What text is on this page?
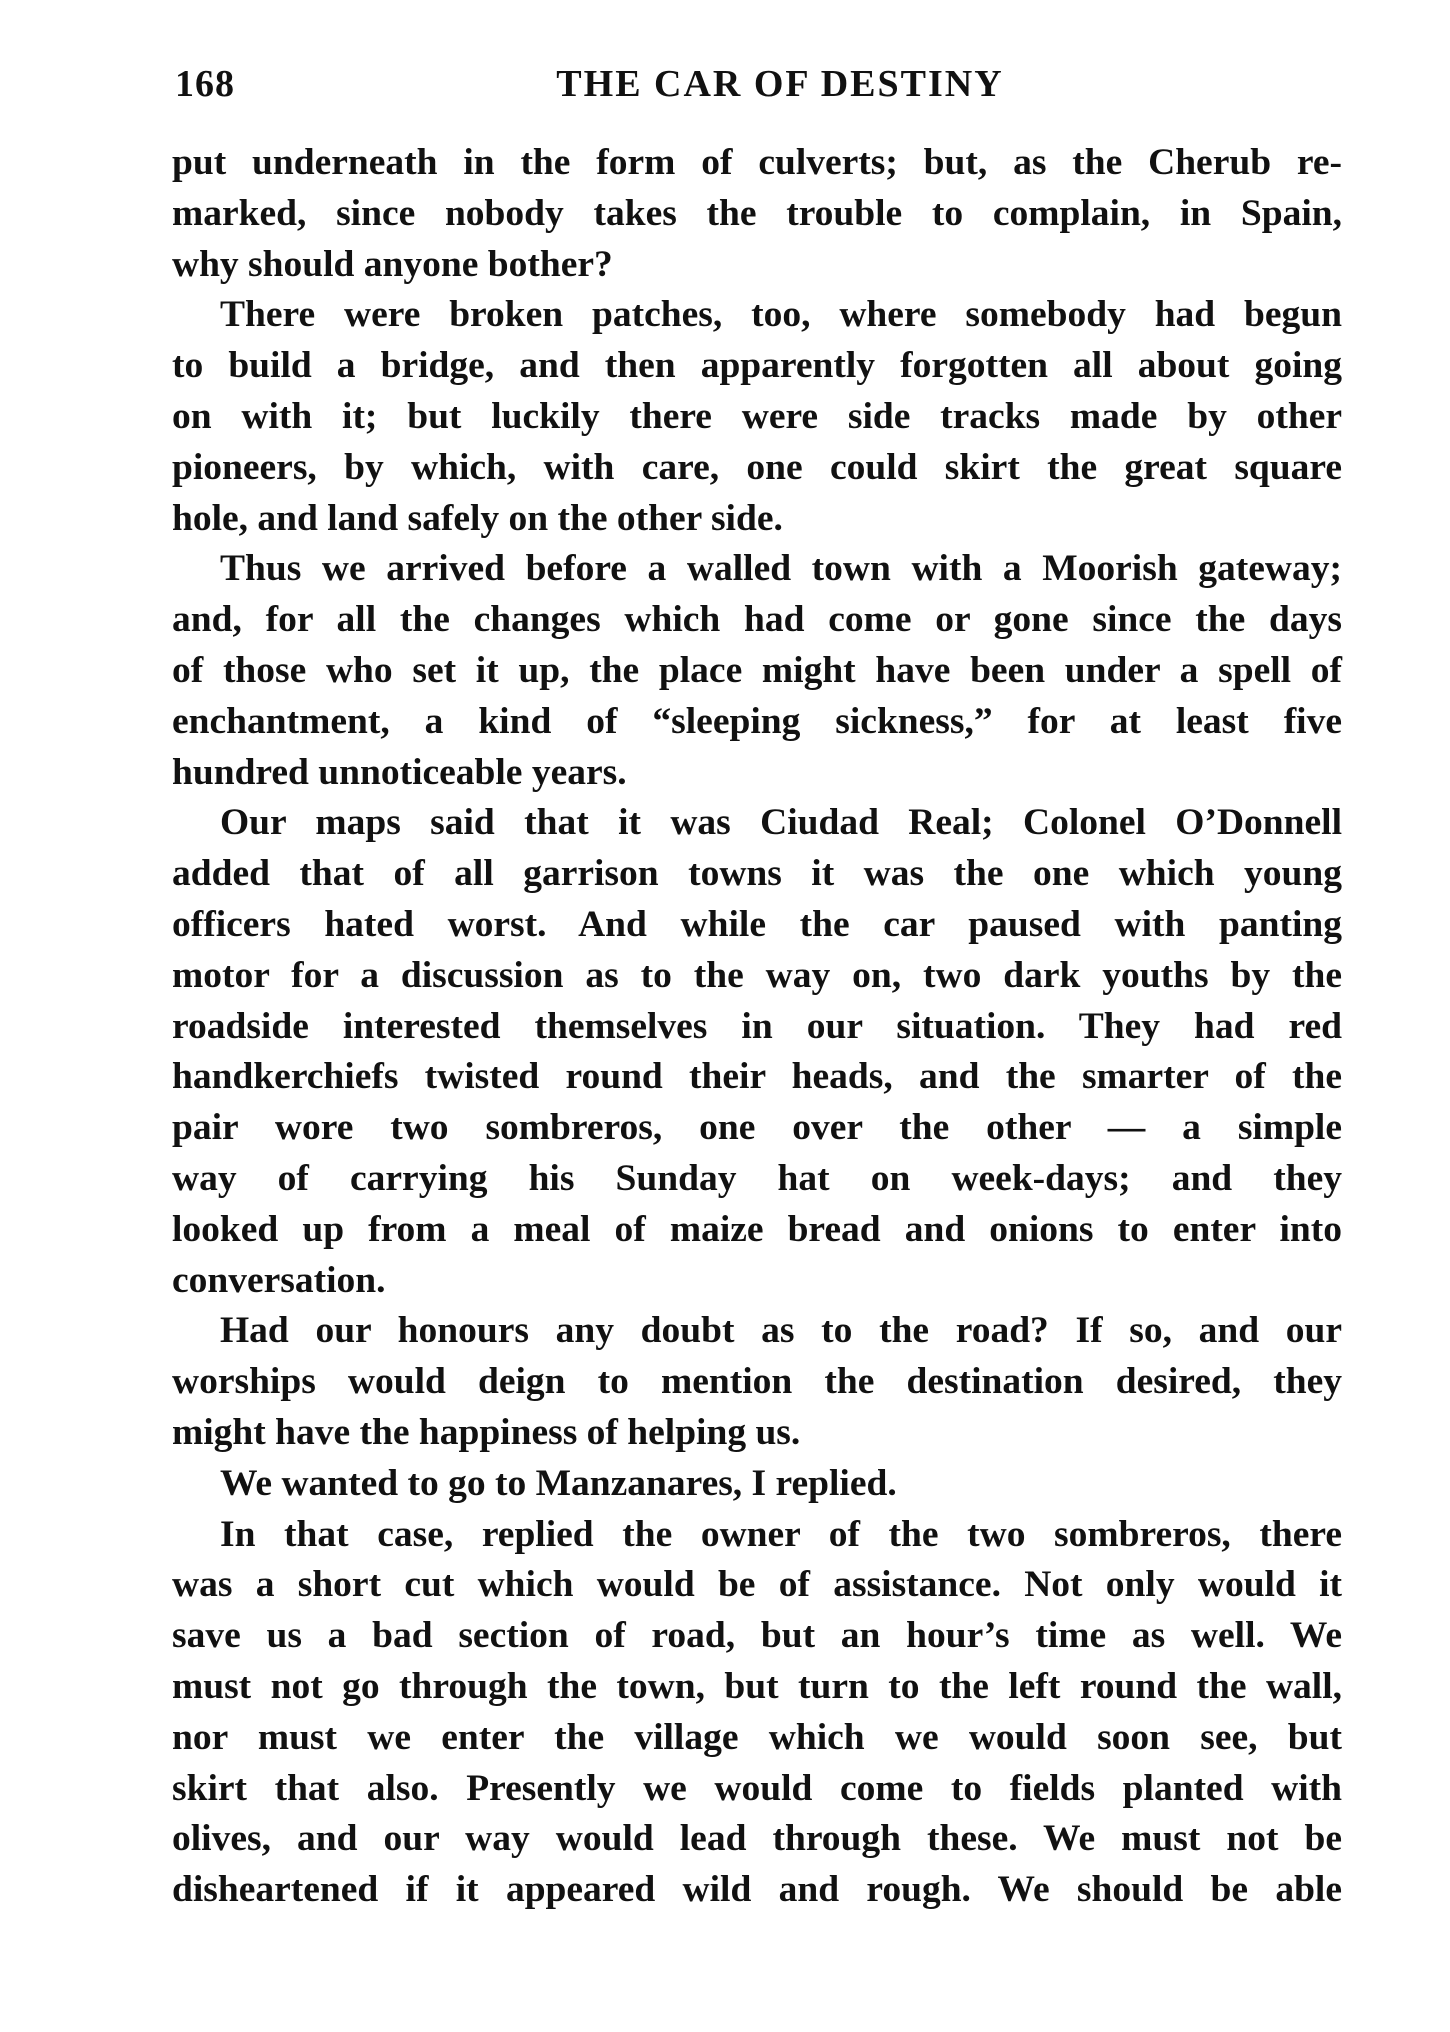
168	THE CAR OF DESTINY

put underneath in the form of culverts; but, as the Cherub re-
marked, since nobody takes the trouble to complain, in Spain,
why should anyone bother?

There were broken patches, too, where somebody had begun
to build a bridge, and then apparently forgotten all about going
on with it; but luckily there were side tracks made by other
pioneers, by which, with care, one could skirt the great square
hole, and land safely on the other side.

Thus we arrived before a walled town with a Moorish gateway;
and, for all the changes which had come or gone since the days
of those who set it up, the place might have been under a spell of
enchantment, a kind of “sleeping sickness,” for at least five
hundred unnoticeable years.

Our maps said that it was Ciudad Real; Colonel O’Donnell
added that of all garrison towns it was the one which young
officers hated worst. And while the car paused with panting
motor for a discussion as to the way on, two dark youths by the
roadside interested themselves in our situation. They had red
handkerchiefs twisted round their heads, and the smarter of the
pair wore two sombreros, one over the other — a simple
way of carrying his Sunday hat on week-days; and they
looked up from a meal of maize bread and onions to enter into
conversation.

Had our honours any doubt as to the road? If so, and our
worships would deign to mention the destination desired, they
might have the happiness of helping us.

We wanted to go to Manzanares, I replied.

In that case, replied the owner of the two sombreros, there
was a short cut which would be of assistance. Not only would it
save us a bad section of road, but an hour’s time as well. We
must not go through the town, but turn to the left round the wall,
nor must we enter the village which we would soon see, but
skirt that also. Presently we would come to fields planted with
olives, and our way would lead through these. We must not be
disheartened if it appeared wild and rough. We should be able
